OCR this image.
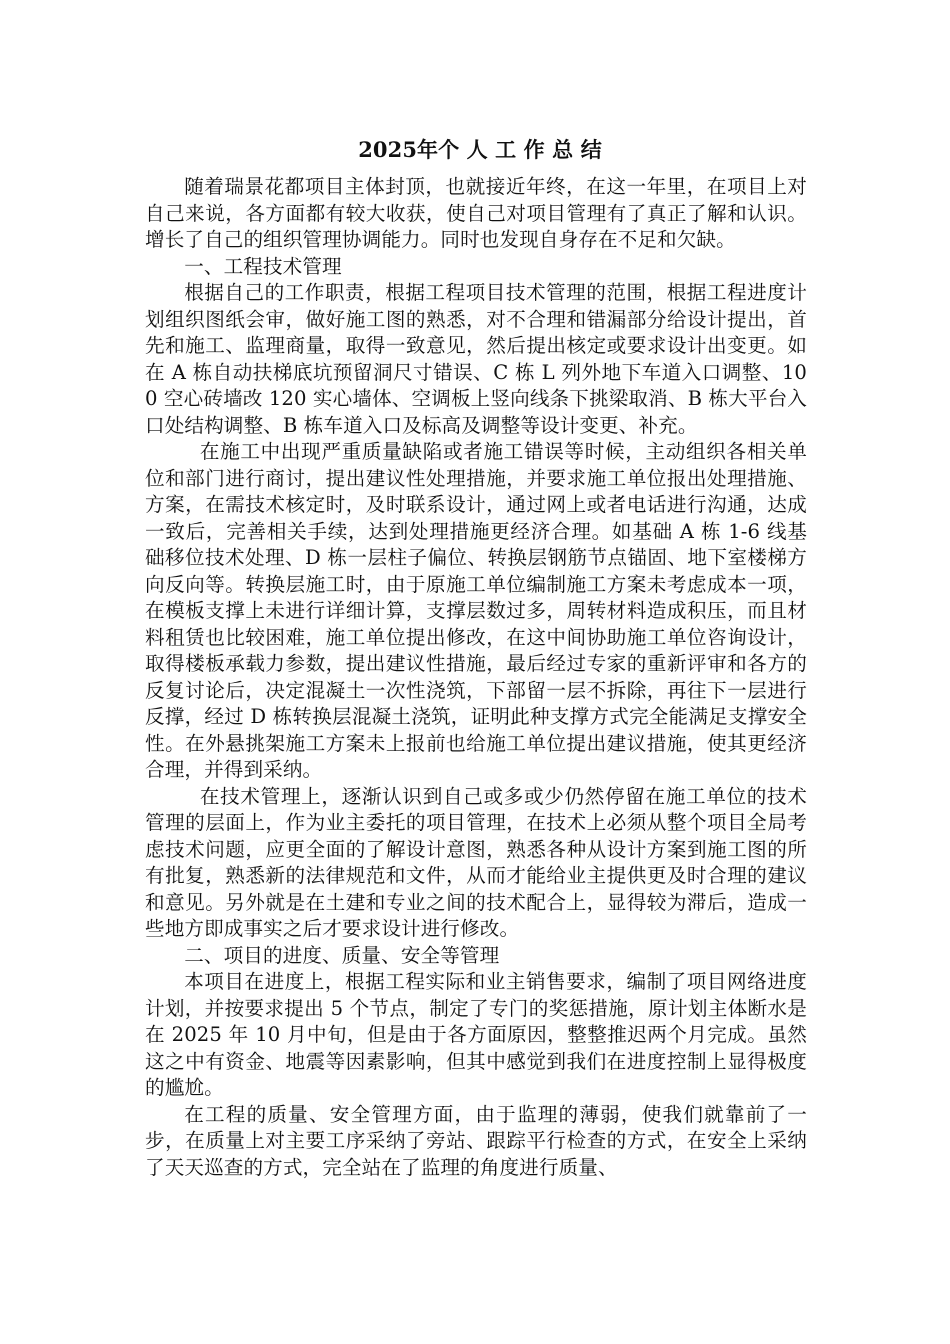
2025年个 人 工 作 总 结

随着瑞景花都项目主体封顶，也就接近年终，在这一年里，在项目上对自己来说，各方面都有较大收获，使自己对项目管理有了真正了解和认识。增长了自己的组织管理协调能力。同时也发现自身存在不足和欠缺。

一、工程技术管理

根据自己的工作职责，根据工程项目技术管理的范围，根据工程进度计划组织图纸会审，做好施工图的熟悉，对不合理和错漏部分给设计提出，首先和施工、监理商量，取得一致意见，然后提出核定或要求设计出变更。如在 A 栋自动扶梯底坑预留洞尺寸错误、C 栋 L 列外地下车道入口调整、100 空心砖墙改 120 实心墙体、空调板上竖向线条下挑梁取消、B 栋大平台入口处结构调整、B 栋车道入口及标高及调整等设计变更、补充。

在施工中出现严重质量缺陷或者施工错误等时候，主动组织各相关单位和部门进行商讨，提出建议性处理措施，并要求施工单位报出处理措施、方案，在需技术核定时，及时联系设计，通过网上或者电话进行沟通，达成一致后，完善相关手续，达到处理措施更经济合理。如基础 A 栋 1-6 线基础移位技术处理、D 栋一层柱子偏位、转换层钢筋节点锚固、地下室楼梯方向反向等。转换层施工时，由于原施工单位编制施工方案未考虑成本一项，在模板支撑上未进行详细计算，支撑层数过多，周转材料造成积压，而且材料租赁也比较困难，施工单位提出修改，在这中间协助施工单位咨询设计，取得楼板承载力参数，提出建议性措施，最后经过专家的重新评审和各方的反复讨论后，决定混凝土一次性浇筑，下部留一层不拆除，再往下一层进行反撑，经过 D 栋转换层混凝土浇筑，证明此种支撑方式完全能满足支撑安全性。在外悬挑架施工方案未上报前也给施工单位提出建议措施，使其更经济合理，并得到采纳。

在技术管理上，逐渐认识到自己或多或少仍然停留在施工单位的技术管理的层面上，作为业主委托的项目管理，在技术上必须从整个项目全局考虑技术问题，应更全面的了解设计意图，熟悉各种从设计方案到施工图的所有批复，熟悉新的法律规范和文件，从而才能给业主提供更及时合理的建议和意见。另外就是在土建和专业之间的技术配合上，显得较为滞后，造成一些地方即成事实之后才要求设计进行修改。

二、项目的进度、质量、安全等管理

本项目在进度上，根据工程实际和业主销售要求，编制了项目网络进度计划，并按要求提出 5 个节点，制定了专门的奖惩措施，原计划主体断水是在 2025 年 10 月中旬，但是由于各方面原因，整整推迟两个月完成。虽然这之中有资金、地震等因素影响，但其中感觉到我们在进度控制上显得极度的尴尬。

在工程的质量、安全管理方面，由于监理的薄弱，使我们就靠前了一步，在质量上对主要工序采纳了旁站、跟踪平行检查的方式，在安全上采纳了天天巡查的方式，完全站在了监理的角度进行质量、
